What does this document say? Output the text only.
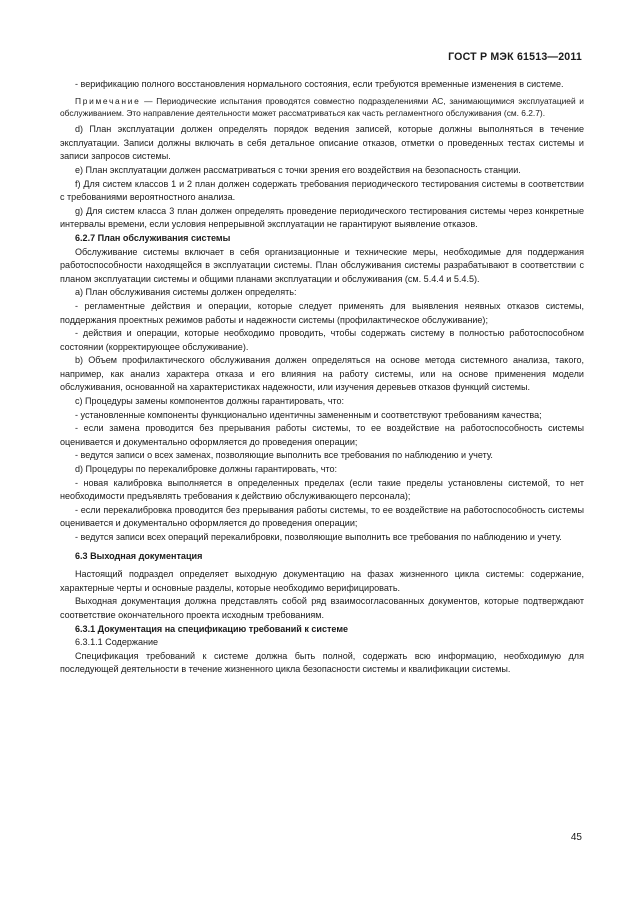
ГОСТ Р МЭК 61513—2011

- верификацию полного восстановления нормального состояния, если требуются временные изменения в системе.

Примечание — Периодические испытания проводятся совместно подразделениями АС, занимающимися эксплуатацией и обслуживанием. Это направление деятельности может рассматриваться как часть регламентного обслуживания (см. 6.2.7).

d) План эксплуатации должен определять порядок ведения записей, которые должны выполняться в течение эксплуатации. Записи должны включать в себя детальное описание отказов, отметки о проведенных тестах системы и записи запросов системы.

e) План эксплуатации должен рассматриваться с точки зрения его воздействия на безопасность станции.

f) Для систем классов 1 и 2 план должен содержать требования периодического тестирования системы в соответствии с требованиями вероятностного анализа.

g) Для систем класса 3 план должен определять проведение периодического тестирования системы через конкретные интервалы времени, если условия непрерывной эксплуатации не гарантируют выявление отказов.

6.2.7 План обслуживания системы

Обслуживание системы включает в себя организационные и технические меры, необходимые для поддержания работоспособности находящейся в эксплуатации системы. План обслуживания системы разрабатывают в соответствии с планом эксплуатации системы и общими планами эксплуатации и обслуживания (см. 5.4.4 и 5.4.5).

a) План обслуживания системы должен определять:

- регламентные действия и операции, которые следует применять для выявления неявных отказов системы, поддержания проектных режимов работы и надежности системы (профилактическое обслуживание);

- действия и операции, которые необходимо проводить, чтобы содержать систему в полностью работоспособном состоянии (корректирующее обслуживание).

b) Объем профилактического обслуживания должен определяться на основе метода системного анализа, такого, например, как анализ характера отказа и его влияния на работу системы, или на основе применения модели обслуживания, основанной на характеристиках надежности, или изучения деревьев отказов функций системы.

c) Процедуры замены компонентов должны гарантировать, что:

- установленные компоненты функционально идентичны замененным и соответствуют требованиям качества;

- если замена проводится без прерывания работы системы, то ее воздействие на работоспособность системы оценивается и документально оформляется до проведения операции;

- ведутся записи о всех заменах, позволяющие выполнить все требования по наблюдению и учету.

d) Процедуры по перекалибровке должны гарантировать, что:

- новая калибровка выполняется в определенных пределах (если такие пределы установлены системой, то нет необходимости предъявлять требования к действию обслуживающего персонала);

- если перекалибровка проводится без прерывания работы системы, то ее воздействие на работоспособность системы оценивается и документально оформляется до проведения операции;

- ведутся записи всех операций перекалибровки, позволяющие выполнить все требования по наблюдению и учету.

6.3 Выходная документация

Настоящий подраздел определяет выходную документацию на фазах жизненного цикла системы: содержание, характерные черты и основные разделы, которые необходимо верифицировать.

Выходная документация должна представлять собой ряд взаимосогласованных документов, которые подтверждают соответствие окончательного проекта исходным требованиям.

6.3.1 Документация на спецификацию требований к системе

6.3.1.1 Содержание

Спецификация требований к системе должна быть полной, содержать всю информацию, необходимую для последующей деятельности в течение жизненного цикла безопасности системы и квалификации системы.

45
